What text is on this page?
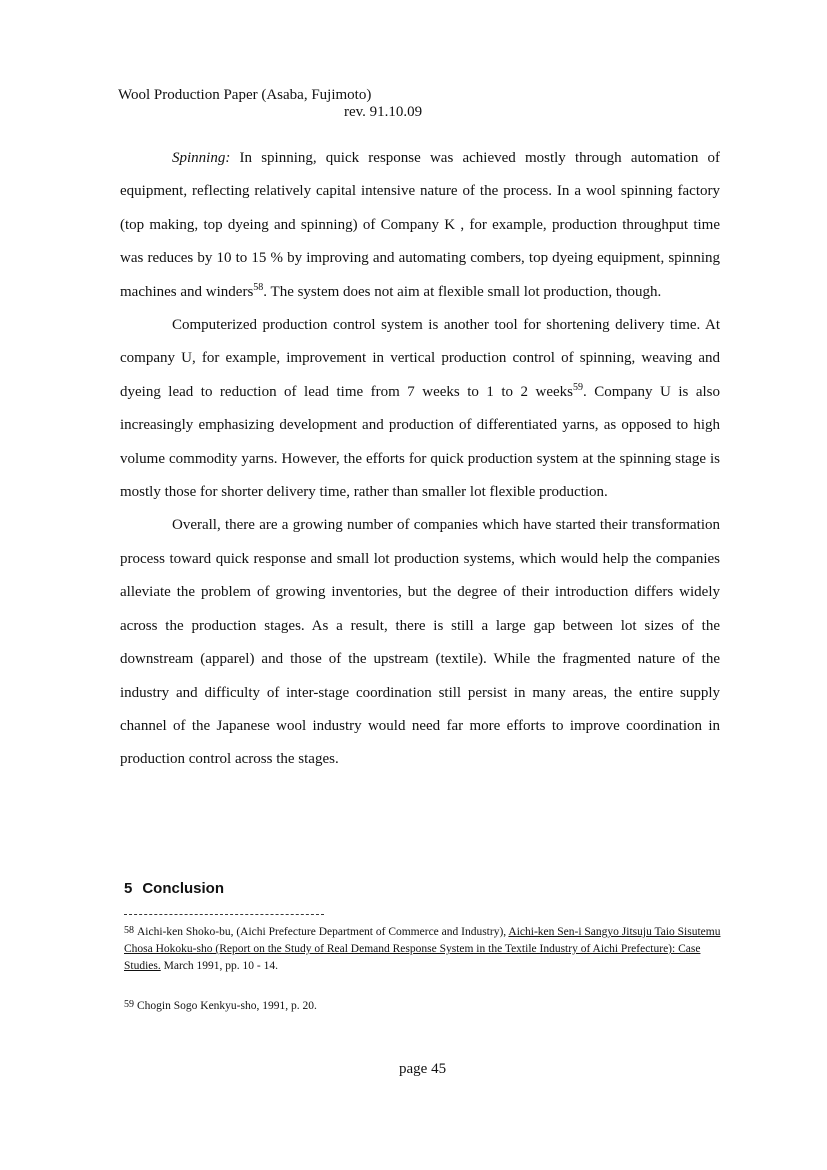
Wool Production Paper (Asaba, Fujimoto)
rev. 91.10.09

Spinning: In spinning, quick response was achieved mostly through automation of equipment, reflecting relatively capital intensive nature of the process. In a wool spinning factory (top making, top dyeing and spinning) of Company K , for example, production throughput time was reduces by 10 to 15 % by improving and automating combers, top dyeing equipment, spinning machines and winders$^{58}$. The system does not aim at flexible small lot production, though.

Computerized production control system is another tool for shortening delivery time. At company U, for example, improvement in vertical production control of spinning, weaving and dyeing lead to reduction of lead time from 7 weeks to 1 to 2 weeks$^{59}$. Company U is also increasingly emphasizing development and production of differentiated yarns, as opposed to high volume commodity yarns. However, the efforts for quick production system at the spinning stage is mostly those for shorter delivery time, rather than smaller lot flexible production.

Overall, there are a growing number of companies which have started their transformation process toward quick response and small lot production systems, which would help the companies alleviate the problem of growing inventories, but the degree of their introduction differs widely across the production stages. As a result, there is still a large gap between lot sizes of the downstream (apparel) and those of the upstream (textile). While the fragmented nature of the industry and difficulty of inter-stage coordination still persist in many areas, the entire supply channel of the Japanese wool industry would need far more efforts to improve coordination in production control across the stages.

5 Conclusion
$^{58}$ Aichi-ken Shoko-bu, (Aichi Prefecture Department of Commerce and Industry), Aichi-ken Sen-i Sangyo Jitsuju Taio Sisutemu Chosa Hokoku-sho (Report on the Study of Real Demand Response System in the Textile Industry of Aichi Prefecture): Case Studies. March 1991, pp. 10 - 14.
$^{59}$ Chogin Sogo Kenkyu-sho, 1991, p. 20.
page 45
